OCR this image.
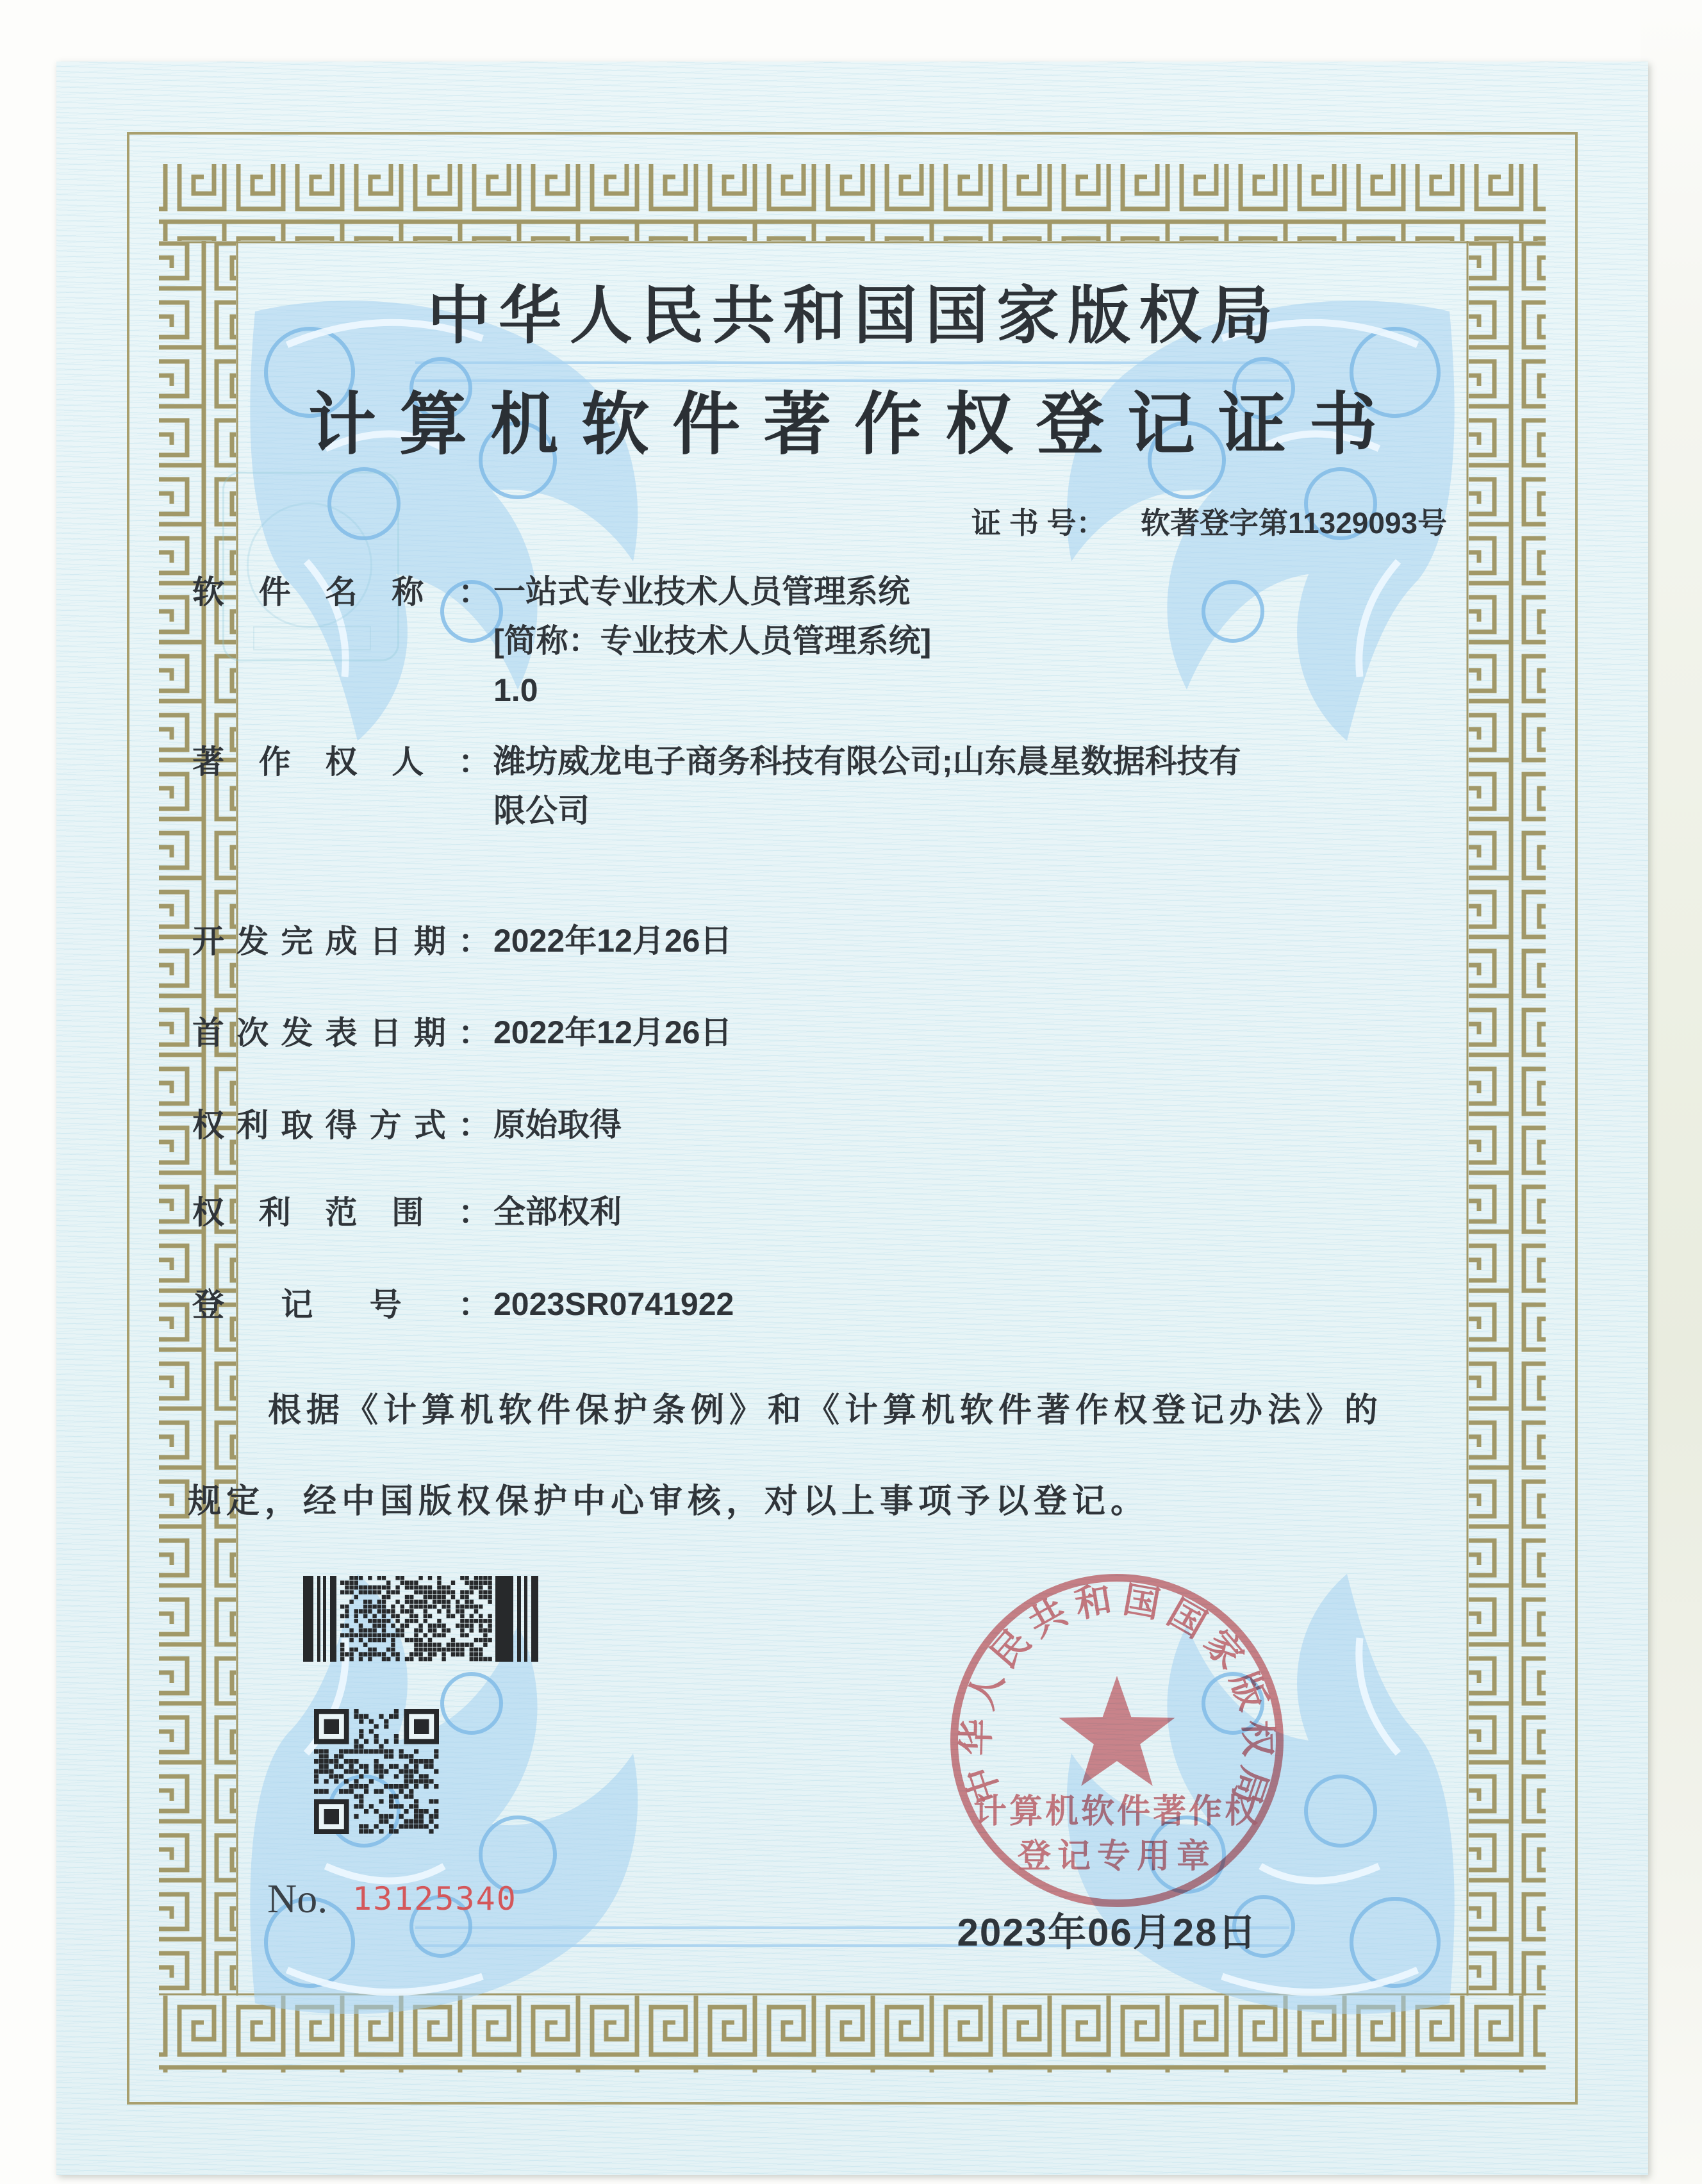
中华人民共和国国家版权局
计算机软件著作权登记证书
证 书 号： 软著登字第11329093号
软件名称： 一站式专业技术人员管理系统
[简称：专业技术人员管理系统]
1.0
著作权人： 潍坊威龙电子商务科技有限公司;山东晨星数据科技有
限公司
开发完成日期： 2022年12月26日
首次发表日期： 2022年12月26日
权利取得方式： 原始取得
权利范围： 全部权利
登记号： 2023SR0741922
根据《计算机软件保护条例》和《计算机软件著作权登记办法》的
规定，经中国版权保护中心审核，对以上事项予以登记。
No. 13125340
中华人民共和国国家版权局
计算机软件著作权
登记专用章
2023年06月28日
